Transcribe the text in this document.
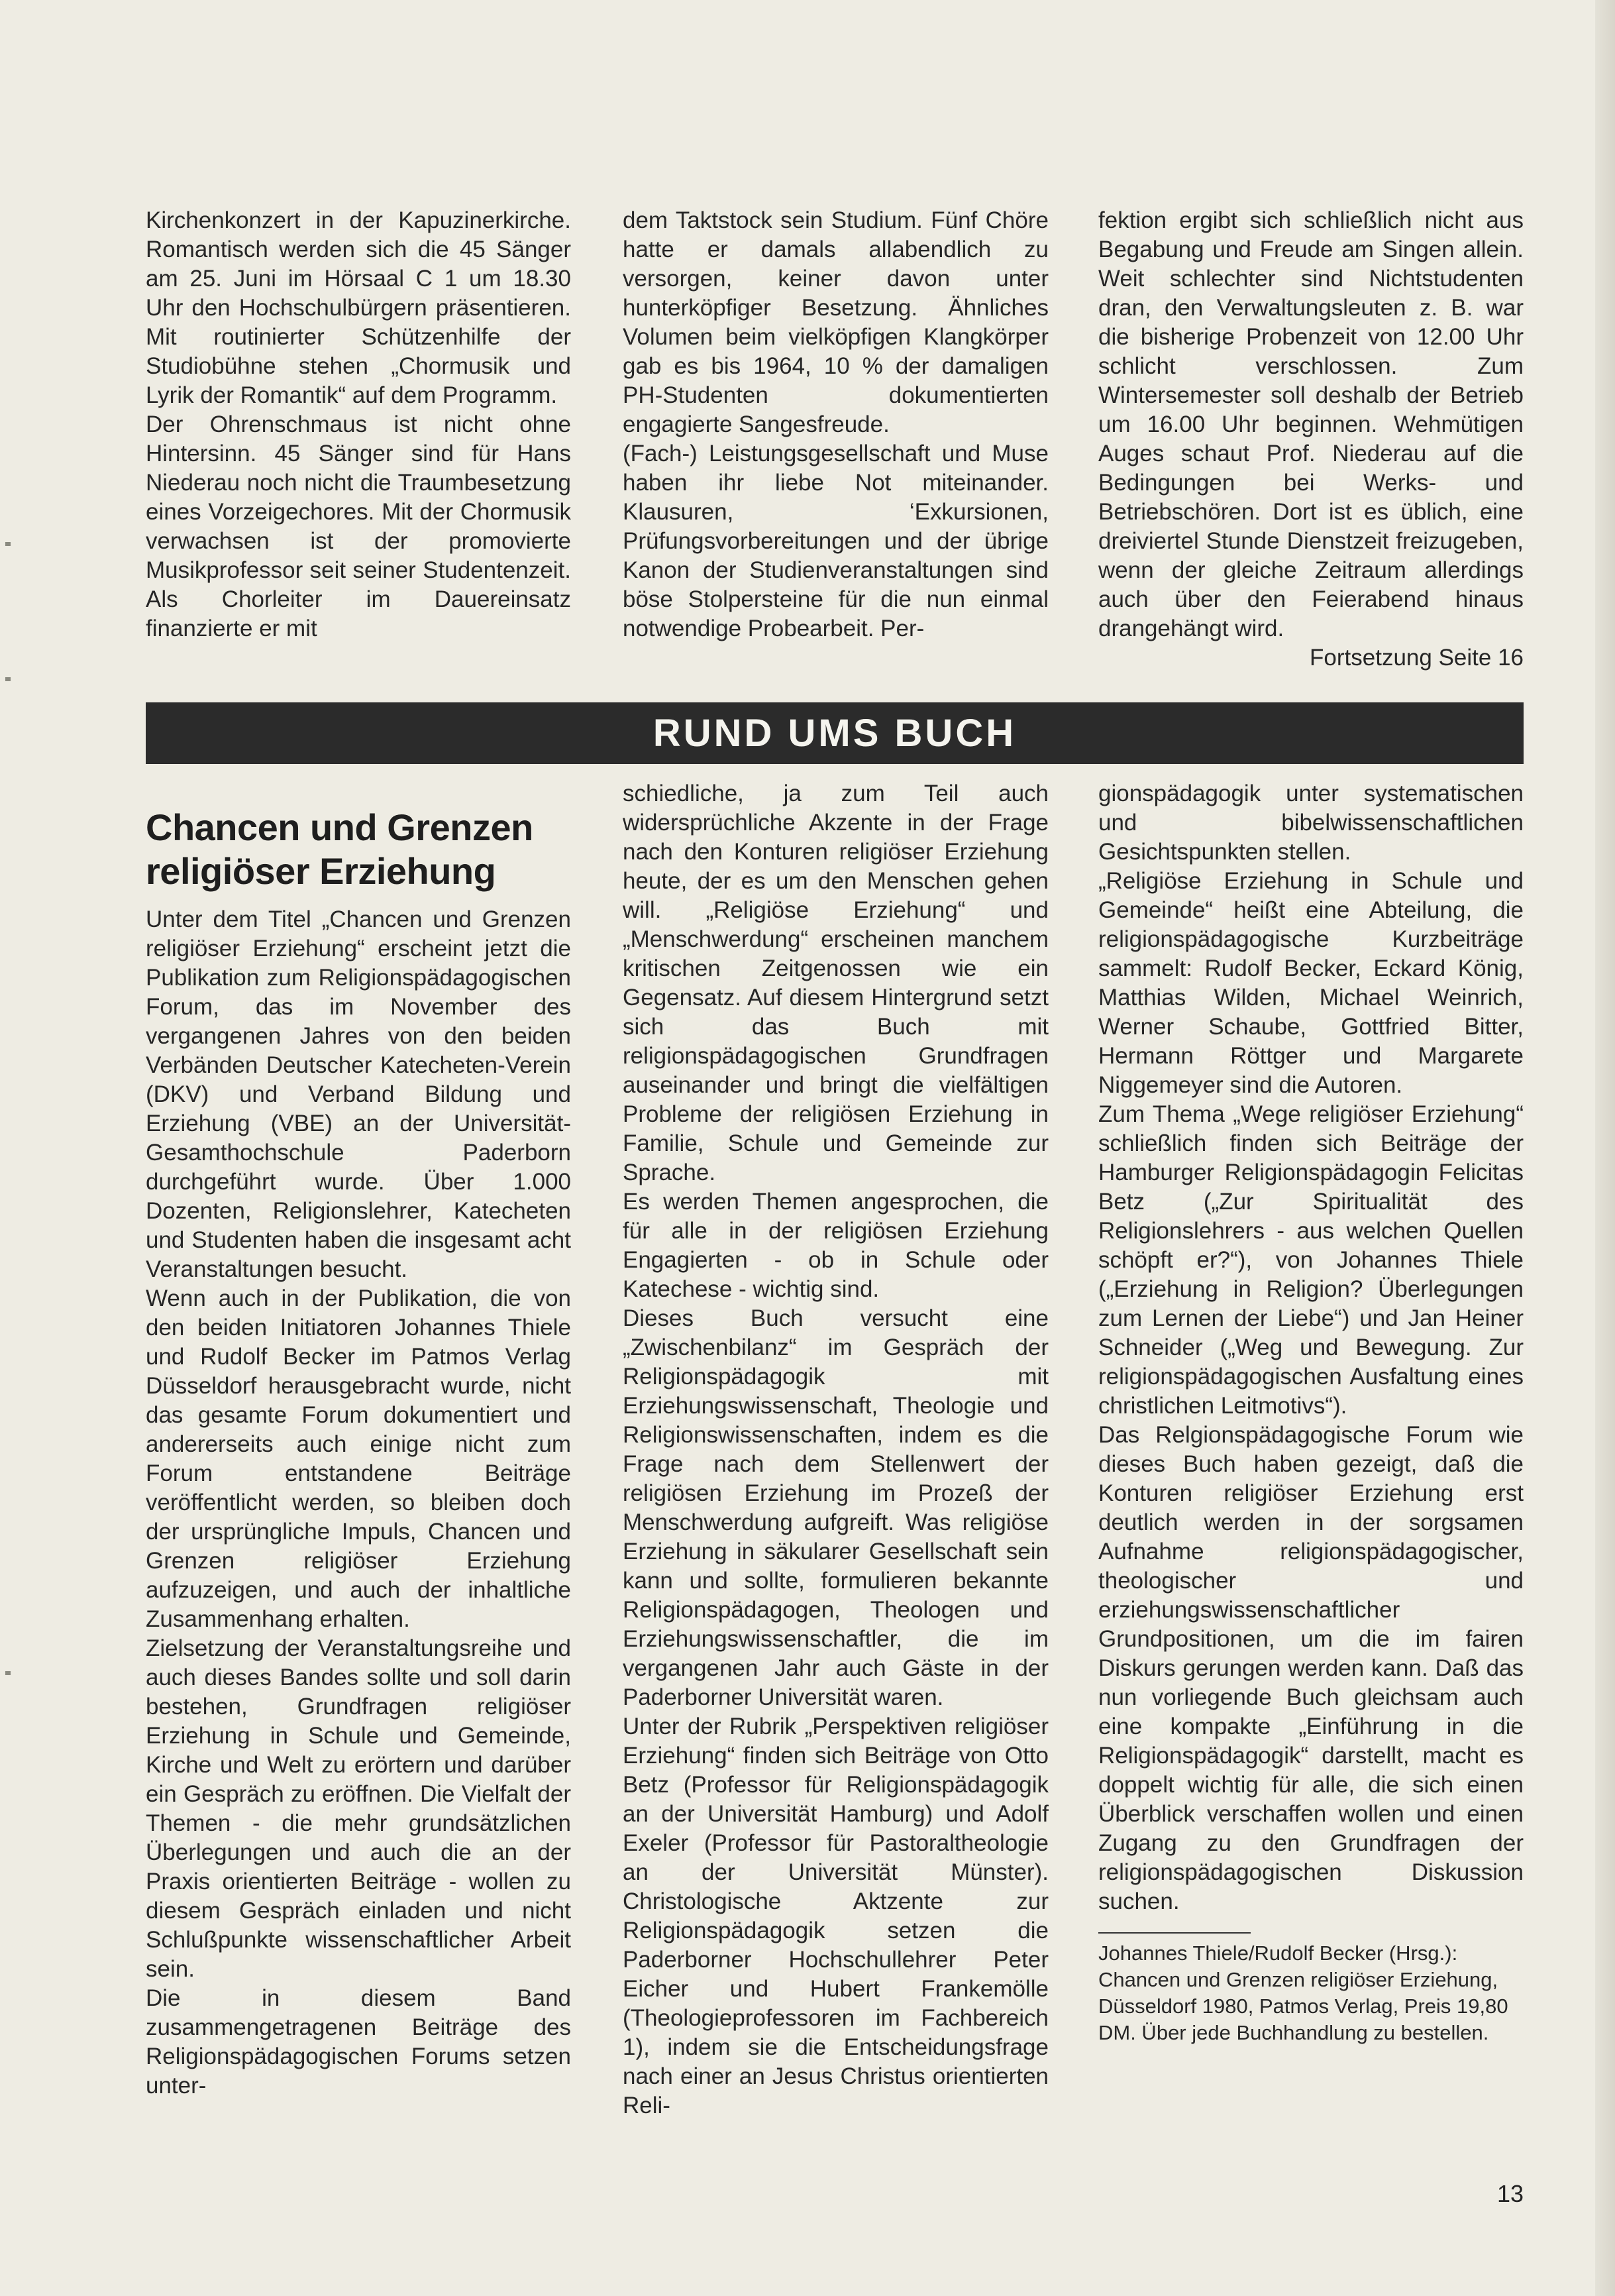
Kirchenkonzert in der Kapuzinerkirche. Romantisch werden sich die 45 Sänger am 25. Juni im Hörsaal C 1 um 18.30 Uhr den Hochschulbürgern präsentieren. Mit routinierter Schützenhilfe der Studiobühne stehen „Chormusik und Lyrik der Romantik“ auf dem Programm.

Der Ohrenschmaus ist nicht ohne Hintersinn. 45 Sänger sind für Hans Niederau noch nicht die Traumbesetzung eines Vorzeigechores. Mit der Chormusik verwachsen ist der promovierte Musikprofessor seit seiner Studentenzeit. Als Chorleiter im Dauereinsatz finanzierte er mit

dem Taktstock sein Studium. Fünf Chöre hatte er damals allabendlich zu versorgen, keiner davon unter hunterköpfiger Besetzung. Ähnliches Volumen beim vielköpfigen Klangkörper gab es bis 1964, 10 % der damaligen PH-Studenten dokumentierten engagierte Sangesfreude.

(Fach-) Leistungsgesellschaft und Muse haben ihr liebe Not miteinander. Klausuren, ‘Exkursionen, Prüfungsvorbereitungen und der übrige Kanon der Studienveranstaltungen sind böse Stolpersteine für die nun einmal notwendige Probearbeit. Per-

fektion ergibt sich schließlich nicht aus Begabung und Freude am Singen allein. Weit schlechter sind Nichtstudenten dran, den Verwaltungsleuten z. B. war die bisherige Probenzeit von 12.00 Uhr schlicht verschlossen. Zum Wintersemester soll deshalb der Betrieb um 16.00 Uhr beginnen. Wehmütigen Auges schaut Prof. Niederau auf die Bedingungen bei Werks- und Betriebschören. Dort ist es üblich, eine dreiviertel Stunde Dienstzeit freizugeben, wenn der gleiche Zeitraum allerdings auch über den Feierabend hinaus drangehängt wird.

Fortsetzung Seite 16

RUND UMS BUCH
Chancen und Grenzen religiöser Erziehung

Unter dem Titel „Chancen und Grenzen religiöser Erziehung“ erscheint jetzt die Publikation zum Religionspädagogischen Forum, das im November des vergangenen Jahres von den beiden Verbänden Deutscher Katecheten-Verein (DKV) und Verband Bildung und Erziehung (VBE) an der Universität-Gesamthochschule Paderborn durchgeführt wurde. Über 1.000 Dozenten, Religionslehrer, Katecheten und Studenten haben die insgesamt acht Veranstaltungen besucht.

Wenn auch in der Publikation, die von den beiden Initiatoren Johannes Thiele und Rudolf Becker im Patmos Verlag Düsseldorf herausgebracht wurde, nicht das gesamte Forum dokumentiert und andererseits auch einige nicht zum Forum entstandene Beiträge veröffentlicht werden, so bleiben doch der ursprüngliche Impuls, Chancen und Grenzen religiöser Erziehung aufzuzeigen, und auch der inhaltliche Zusammenhang erhalten.

Zielsetzung der Veranstaltungsreihe und auch dieses Bandes sollte und soll darin bestehen, Grundfragen religiöser Erziehung in Schule und Gemeinde, Kirche und Welt zu erörtern und darüber ein Gespräch zu eröffnen. Die Vielfalt der Themen - die mehr grundsätzlichen Überlegungen und auch die an der Praxis orientierten Beiträge - wollen zu diesem Gespräch einladen und nicht Schlußpunkte wissenschaftlicher Arbeit sein.

Die in diesem Band zusammengetragenen Beiträge des Religionspädagogischen Forums setzen unter-

schiedliche, ja zum Teil auch widersprüchliche Akzente in der Frage nach den Konturen religiöser Erziehung heute, der es um den Menschen gehen will. „Religiöse Erziehung“ und „Menschwerdung“ erscheinen manchem kritischen Zeitgenossen wie ein Gegensatz. Auf diesem Hintergrund setzt sich das Buch mit religionspädagogischen Grundfragen auseinander und bringt die vielfältigen Probleme der religiösen Erziehung in Familie, Schule und Gemeinde zur Sprache.

Es werden Themen angesprochen, die für alle in der religiösen Erziehung Engagierten - ob in Schule oder Katechese - wichtig sind.

Dieses Buch versucht eine „Zwischenbilanz“ im Gespräch der Religionspädagogik mit Erziehungswissenschaft, Theologie und Religionswissenschaften, indem es die Frage nach dem Stellenwert der religiösen Erziehung im Prozeß der Menschwerdung aufgreift. Was religiöse Erziehung in säkularer Gesellschaft sein kann und sollte, formulieren bekannte Religionspädagogen, Theologen und Erziehungswissenschaftler, die im vergangenen Jahr auch Gäste in der Paderborner Universität waren.

Unter der Rubrik „Perspektiven religiöser Erziehung“ finden sich Beiträge von Otto Betz (Professor für Religionspädagogik an der Universität Hamburg) und Adolf Exeler (Professor für Pastoraltheologie an der Universität Münster). Christologische Aktzente zur Religionspädagogik setzen die Paderborner Hochschullehrer Peter Eicher und Hubert Frankemölle (Theologieprofessoren im Fachbereich 1), indem sie die Entscheidungsfrage nach einer an Jesus Christus orientierten Reli-

gionspädagogik unter systematischen und bibelwissenschaftlichen Gesichtspunkten stellen.

„Religiöse Erziehung in Schule und Gemeinde“ heißt eine Abteilung, die religionspädagogische Kurzbeiträge sammelt: Rudolf Becker, Eckard König, Matthias Wilden, Michael Weinrich, Werner Schaube, Gottfried Bitter, Hermann Röttger und Margarete Niggemeyer sind die Autoren.

Zum Thema „Wege religiöser Erziehung“ schließlich finden sich Beiträge der Hamburger Religionspädagogin Felicitas Betz („Zur Spiritualität des Religionslehrers - aus welchen Quellen schöpft er?“), von Johannes Thiele („Erziehung in Religion? Überlegungen zum Lernen der Liebe“) und Jan Heiner Schneider („Weg und Bewegung. Zur religionspädagogischen Ausfaltung eines christlichen Leitmotivs“).

Das Relgionspädagogische Forum wie dieses Buch haben gezeigt, daß die Konturen religiöser Erziehung erst deutlich werden in der sorgsamen Aufnahme religionspädagogischer, theologischer und erziehungswissenschaftlicher Grundpositionen, um die im fairen Diskurs gerungen werden kann. Daß das nun vorliegende Buch gleichsam auch eine kompakte „Einführung in die Religionspädagogik“ darstellt, macht es doppelt wichtig für alle, die sich einen Überblick verschaffen wollen und einen Zugang zu den Grundfragen der religionspädagogischen Diskussion suchen.

Johannes Thiele/Rudolf Becker (Hrsg.): Chancen und Grenzen religiöser Erziehung, Düsseldorf 1980, Patmos Verlag, Preis 19,80 DM. Über jede Buchhandlung zu bestellen.

13
